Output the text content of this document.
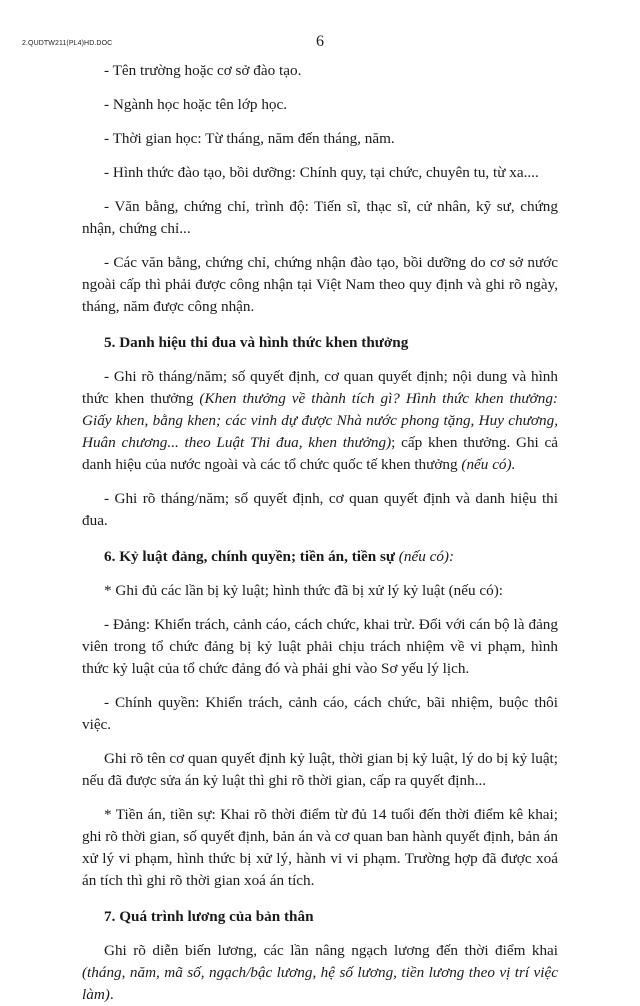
2.QUDTW211(PL4)HD.DOC	6

- Tên trường hoặc cơ sở đào tạo.

- Ngành học hoặc tên lớp học.

- Thời gian học: Từ tháng, năm đến tháng, năm.

- Hình thức đào tạo, bồi dưỡng: Chính quy, tại chức, chuyên tu, từ xa....

- Văn bằng, chứng chỉ, trình độ: Tiến sĩ, thạc sĩ, cử nhân, kỹ sư, chứng nhận, chứng chỉ...

- Các văn bằng, chứng chỉ, chứng nhận đào tạo, bồi dưỡng do cơ sở nước ngoài cấp thì phải được công nhận tại Việt Nam theo quy định và ghi rõ ngày, tháng, năm được công nhận.

5. Danh hiệu thi đua và hình thức khen thưởng

- Ghi rõ tháng/năm; số quyết định, cơ quan quyết định; nội dung và hình thức khen thưởng (Khen thưởng về thành tích gì? Hình thức khen thưởng: Giấy khen, bằng khen; các vinh dự được Nhà nước phong tặng, Huy chương, Huân chương... theo Luật Thi đua, khen thưởng); cấp khen thưởng. Ghi cả danh hiệu của nước ngoài và các tổ chức quốc tế khen thưởng (nếu có).

- Ghi rõ tháng/năm; số quyết định, cơ quan quyết định và danh hiệu thi đua.

6. Kỷ luật đảng, chính quyền; tiền án, tiền sự (nếu có):

* Ghi đủ các lần bị kỷ luật; hình thức đã bị xử lý kỷ luật (nếu có):

- Đảng: Khiển trách, cảnh cáo, cách chức, khai trừ. Đối với cán bộ là đảng viên trong tổ chức đảng bị kỷ luật phải chịu trách nhiệm về vi phạm, hình thức kỷ luật của tổ chức đảng đó và phải ghi vào Sơ yếu lý lịch.

- Chính quyền: Khiển trách, cảnh cáo, cách chức, bãi nhiệm, buộc thôi việc.

Ghi rõ tên cơ quan quyết định kỷ luật, thời gian bị kỷ luật, lý do bị kỷ luật; nếu đã được sửa án kỷ luật thì ghi rõ thời gian, cấp ra quyết định...

* Tiền án, tiền sự: Khai rõ thời điểm từ đủ 14 tuổi đến thời điểm kê khai; ghi rõ thời gian, số quyết định, bản án và cơ quan ban hành quyết định, bản án xử lý vi phạm, hình thức bị xử lý, hành vi vi phạm. Trường hợp đã được xoá án tích thì ghi rõ thời gian xoá án tích.

7. Quá trình lương của bản thân

Ghi rõ diễn biến lương, các lần nâng ngạch lương đến thời điểm khai (tháng, năm, mã số, ngạch/bậc lương, hệ số lương, tiền lương theo vị trí việc làm).
